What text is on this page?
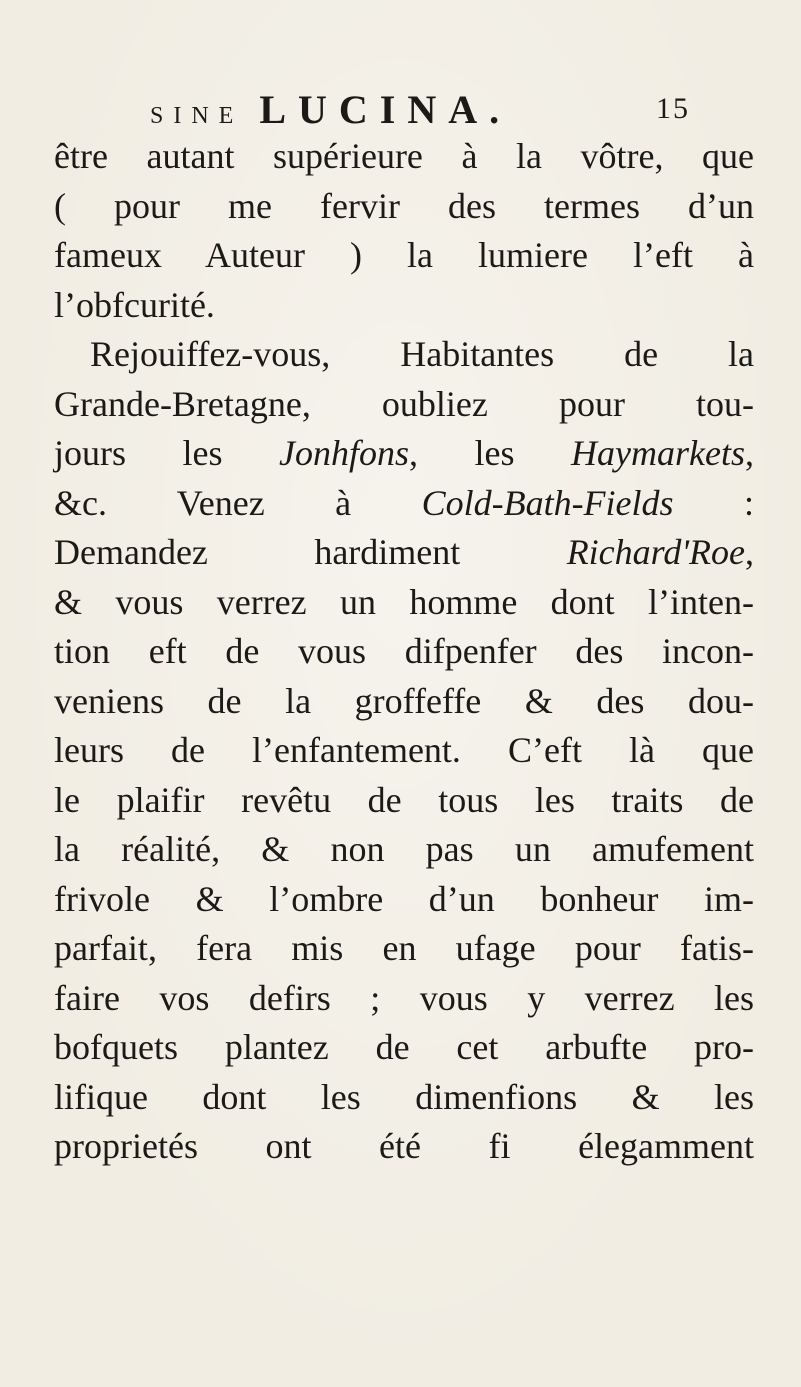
SINE LUCINA.	15
être autant supérieure à la vôtre, que
( pour me fervir des termes d’un
fameux Auteur ) la lumiere l’eft à
l’obfcurité.
Rejouiffez-vous, Habitantes de la
Grande-Bretagne, oubliez pour tou-
jours les Jonhfons, les Haymarkets,
&c. Venez à Cold-Bath-Fields :
Demandez hardiment Richard'Roe,
& vous verrez un homme dont l’inten-
tion eft de vous difpenfer des incon-
veniens de la groffeffe & des dou-
leurs de l’enfantement. C’eft là que
le plaifir revêtu de tous les traits de
la réalité, & non pas un amufement
frivole & l’ombre d’un bonheur im-
parfait, fera mis en ufage pour fatis-
faire vos defirs ; vous y verrez les
bofquets plantez de cet arbufte pro-
lifique dont les dimenfions & les
proprietés ont été fi élegamment
